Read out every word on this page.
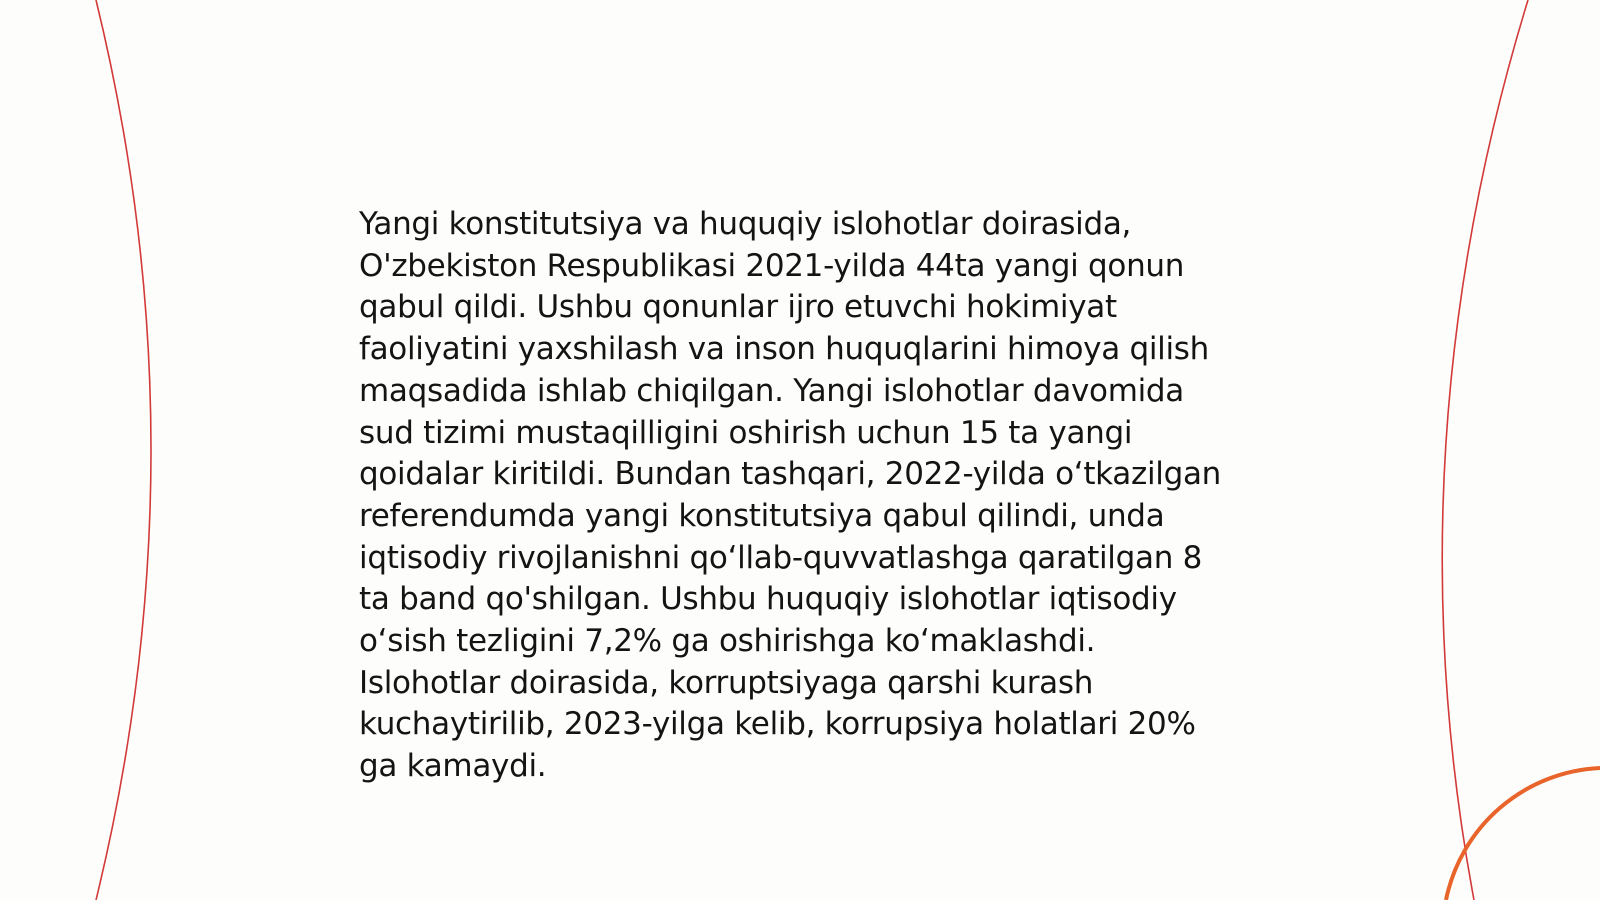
Yangi konstitutsiya va huquqiy islohotlar doirasida, O'zbekiston Respublikasi 2021-yilda 44ta yangi qonun qabul qildi. Ushbu qonunlar ijro etuvchi hokimiyat faoliyatini yaxshilash va inson huquqlarini himoya qilish maqsadida ishlab chiqilgan. Yangi islohotlar davomida sud tizimi mustaqilligini oshirish uchun 15 ta yangi qoidalar kiritildi. Bundan tashqari, 2022-yilda o‘tkazilgan referendumda yangi konstitutsiya qabul qilindi, unda iqtisodiy rivojlanishni qo‘llab-quvvatlashga qaratilgan 8 ta band qo'shilgan. Ushbu huquqiy islohotlar iqtisodiy o‘sish tezligini 7,2% ga oshirishga ko‘maklashdi. Islohotlar doirasida, korruptsiyaga qarshi kurash kuchaytirilib, 2023-yilga kelib, korrupsiya holatlari 20% ga kamaydi.
